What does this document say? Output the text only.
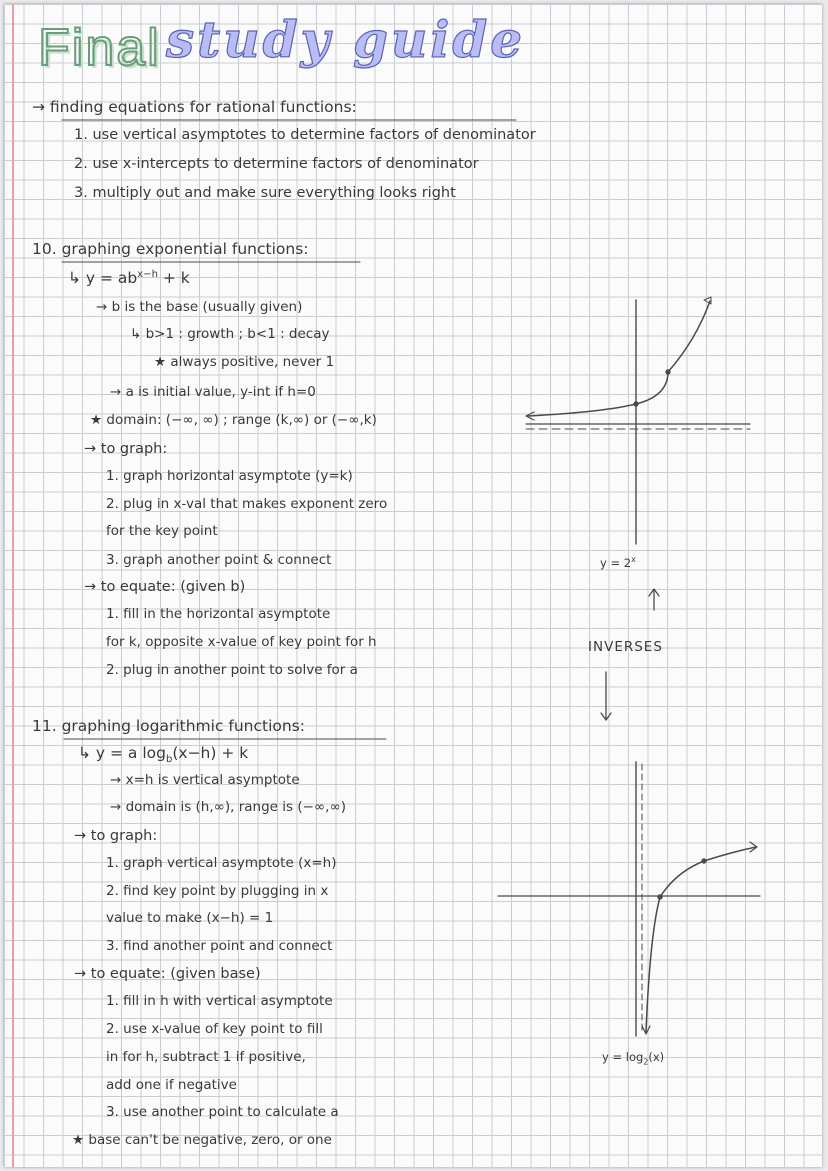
Final study guide
→ finding equations for rational functions:
1. use vertical asymptotes to determine factors of denominator
2. use x-intercepts to determine factors of denominator
3. multiply out and make sure everything looks right
10. graphing exponential functions:
↳ $y = ab^{x-h} + k$
→ b is the base (usually given)
↳ b>1 : growth ; b<1 : decay
★ always positive, never 1
→ a is initial value, y-int if h=0
★ domain: (−∞, ∞) ; range (k,∞) or (−∞,k)
→ to graph:
1. graph horizontal asymptote (y=k)
2. plug in x-val that makes exponent zero
for the key point
3. graph another point & connect
→ to equate: (given b)
1. fill in the horizontal asymptote
for k, opposite x-value of key point for h
2. plug in another point to solve for a
$y = 2^x$
INVERSES
11. graphing logarithmic functions:
↳ y = a $\log_b(x-h) + k$
→ x=h is vertical asymptote
→ domain is (h,∞), range is (−∞,∞)
→ to graph:
1. graph vertical asymptote (x=h)
2. find key point by plugging in x
value to make (x−h) = 1
3. find another point and connect
→ to equate: (given base)
1. fill in h with vertical asymptote
2. use x-value of key point to fill
in for h, subtract 1 if positive,
add one if negative
3. use another point to calculate a
★ base can't be negative, zero, or one
$y = \log_2(x)$
